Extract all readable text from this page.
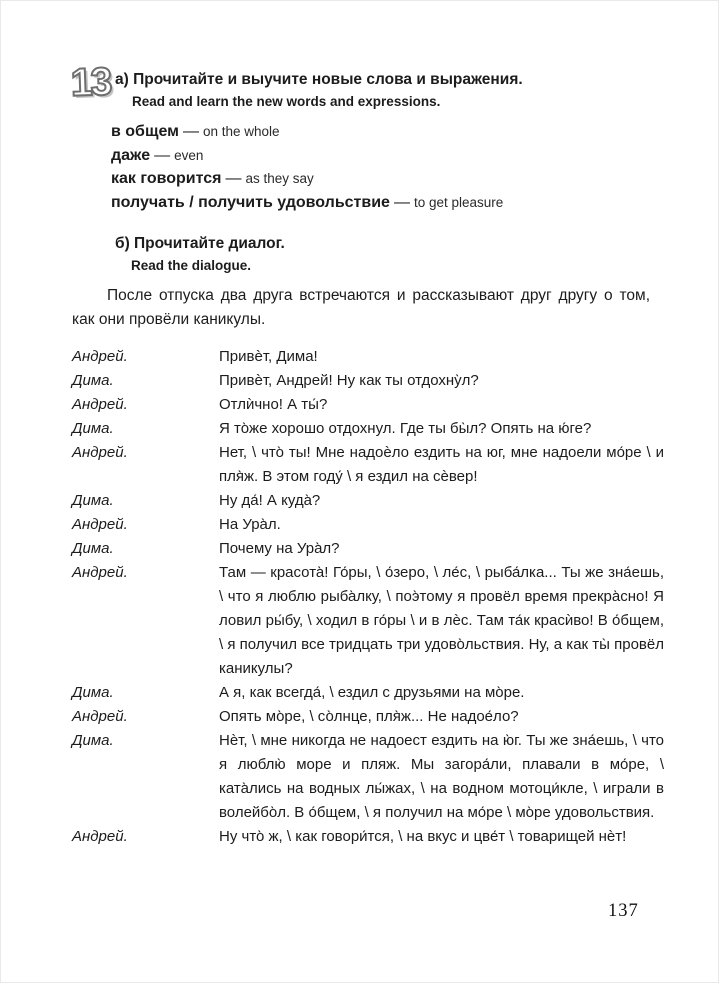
13 а) Прочитайте и выучите новые слова и выражения.
Read and learn the new words and expressions.
в общем — on the whole
даже — even
как говорится — as they say
получать / получить удовольствие — to get pleasure
б) Прочитайте диалог.
Read the dialogue.

После отпуска два друга встречаются и рассказывают друг другу о том, как они провёли каникулы.

Андрей.	Привѐт, Дима!

Дима.	Привѐт, Андрей! Ну как ты отдохну̀л?

Андрей.	Отлѝчно! А ты́?

Дима.	Я то̀же хорошо отдохнул. Где ты бы̀л? Опять на ю́ге?

Андрей.	Нет, \ что̀ ты! Мне надоѐло ездить на юг, мне надоели мо́ре \ и пля̀ж. В этом году́ \ я ездил на сѐвер!

Дима.	Ну да́! А куда̀?

Андрей.	На Ура̀л.

Дима.	Почему на Ура̀л?

Андрей.	Там — красота̀! Го́ры, \ о́зеро, \ ле́с, \ рыба́лка... Ты же зна́ешь, \ что я люблю рыба̀лку, \ поэ̀тому я провёл время прекра̀сно! Я ловил ры́бу, \ ходил в го́ры \ и в лѐс. Там та́к красѝво! В о́бщем, \ я получил все тридцать три удово̀льствия. Ну, а как ты̀ провёл каникулы?

Дима.	А я, как всегда́, \ ездил с друзьями на мо̀ре.

Андрей.	Опять мо̀ре, \ со̀лнце, пля̀ж... Не надое́ло?

Дима.	Нѐт, \ мне никогда не надоест ездить на ю̀г. Ты же зна́ешь, \ что я люблю̀ море и пляж. Мы загора́ли, плавали в мо́ре, \ ката̀лись на водных лы́жах, \ на водном мотоци́кле, \ играли в волейбо̀л. В о́бщем, \ я получил на мо́ре \ мо̀ре удовольствия.

Андрей.	Ну что̀ ж, \ как говори́тся, \ на вкус и цве́т \ товарищей нѐт!

137
